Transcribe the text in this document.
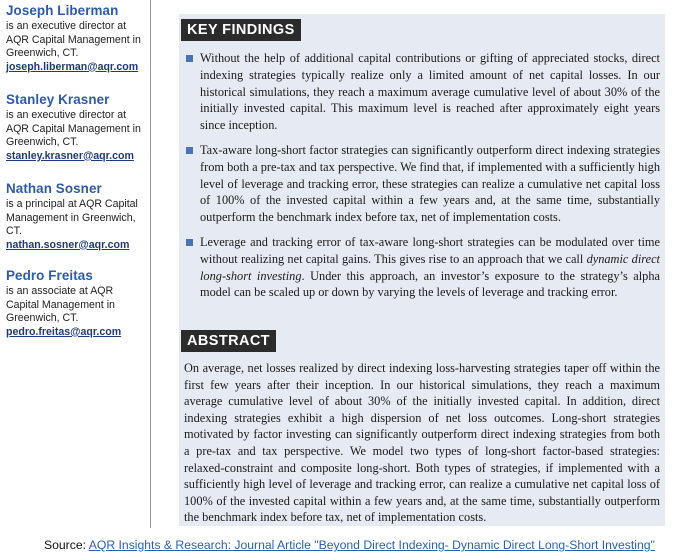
Joseph Liberman
is an executive director at AQR Capital Management in Greenwich, CT.
joseph.liberman@aqr.com
Stanley Krasner
is an executive director at AQR Capital Management in Greenwich, CT.
stanley.krasner@aqr.com
Nathan Sosner
is a principal at AQR Capital Management in Greenwich, CT.
nathan.sosner@aqr.com
Pedro Freitas
is an associate at AQR Capital Management in Greenwich, CT.
pedro.freitas@aqr.com
KEY FINDINGS
Without the help of additional capital contributions or gifting of appreciated stocks, direct indexing strategies typically realize only a limited amount of net capital losses. In our historical simulations, they reach a maximum average cumulative level of about 30% of the initially invested capital. This maximum level is reached after approximately eight years since inception.
Tax-aware long-short factor strategies can significantly outperform direct indexing strategies from both a pre-tax and tax perspective. We find that, if implemented with a sufficiently high level of leverage and tracking error, these strategies can realize a cumulative net capital loss of 100% of the invested capital within a few years and, at the same time, substantially outperform the benchmark index before tax, net of implementation costs.
Leverage and tracking error of tax-aware long-short strategies can be modulated over time without realizing net capital gains. This gives rise to an approach that we call dynamic direct long-short investing. Under this approach, an investor’s exposure to the strategy’s alpha model can be scaled up or down by varying the levels of leverage and tracking error.
ABSTRACT

On average, net losses realized by direct indexing loss-harvesting strategies taper off within the first few years after their inception. In our historical simulations, they reach a maximum average cumulative level of about 30% of the initially invested capital. In addition, direct indexing strategies exhibit a high dispersion of net loss outcomes. Long-short strategies motivated by factor investing can significantly outperform direct indexing strategies from both a pre-tax and tax perspective. We model two types of long-short factor-based strategies: relaxed-constraint and composite long-short. Both types of strategies, if implemented with a sufficiently high level of leverage and tracking error, can realize a cumulative net capital loss of 100% of the invested capital within a few years and, at the same time, substantially outperform the benchmark index before tax, net of implementation costs.

Source: AQR Insights & Research: Journal Article "Beyond Direct Indexing- Dynamic Direct Long-Short Investing"
